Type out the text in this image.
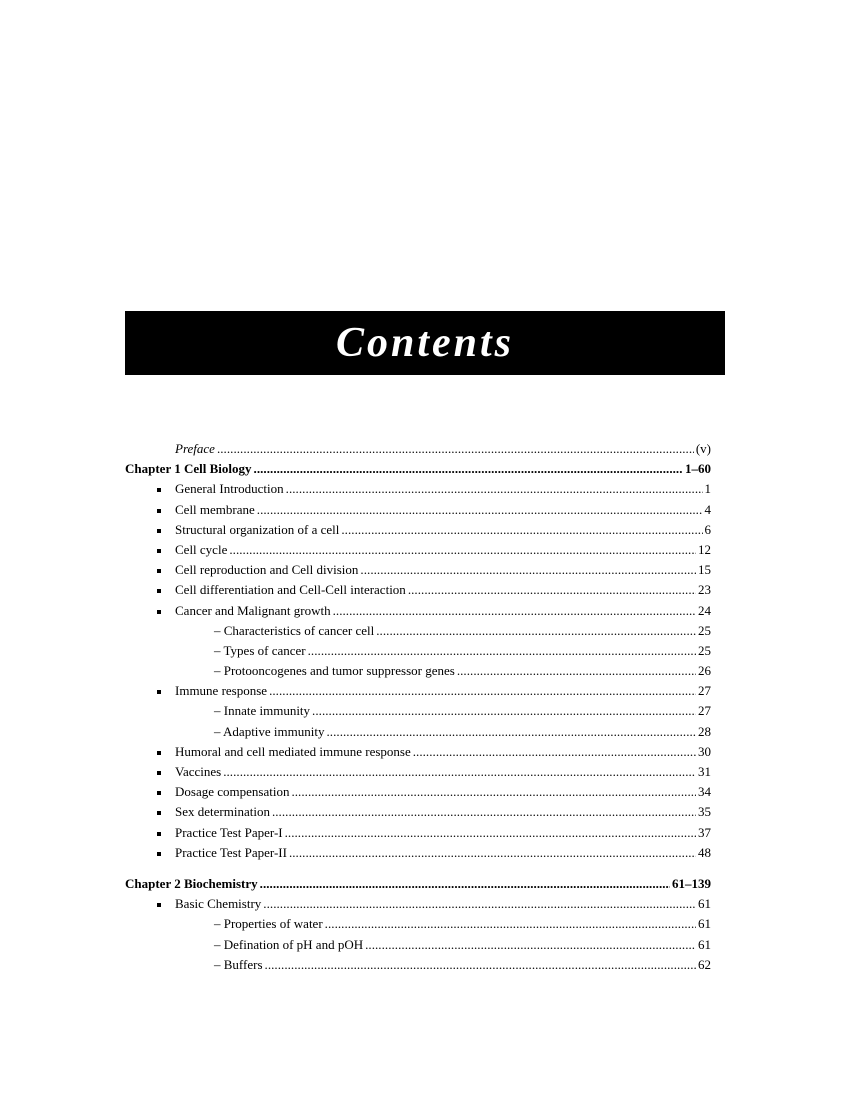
Contents
Preface . . .	(v)
Chapter 1 Cell Biology . . .	1–60
General Introduction . . .	1
Cell membrane . . .	4
Structural organization of a cell . . .	6
Cell cycle . . .	12
Cell reproduction and Cell division . . .	15
Cell differentiation and Cell-Cell interaction . . .	23
Cancer and Malignant growth . . .	24
– Characteristics of cancer cell . . .	25
– Types of cancer . . .	25
– Protooncogenes and tumor suppressor genes . . .	26
Immune response . . .	27
– Innate immunity . . .	27
– Adaptive immunity . . .	28
Humoral and cell mediated immune response . . .	30
Vaccines . . .	31
Dosage compensation . . .	34
Sex determination . . .	35
Practice Test Paper-I . . .	37
Practice Test Paper-II . . .	48
Chapter 2 Biochemistry . . .	61–139
Basic Chemistry . . .	61
– Properties of water . . .	61
– Defination of pH and pOH . . .	61
– Buffers . . .	62
